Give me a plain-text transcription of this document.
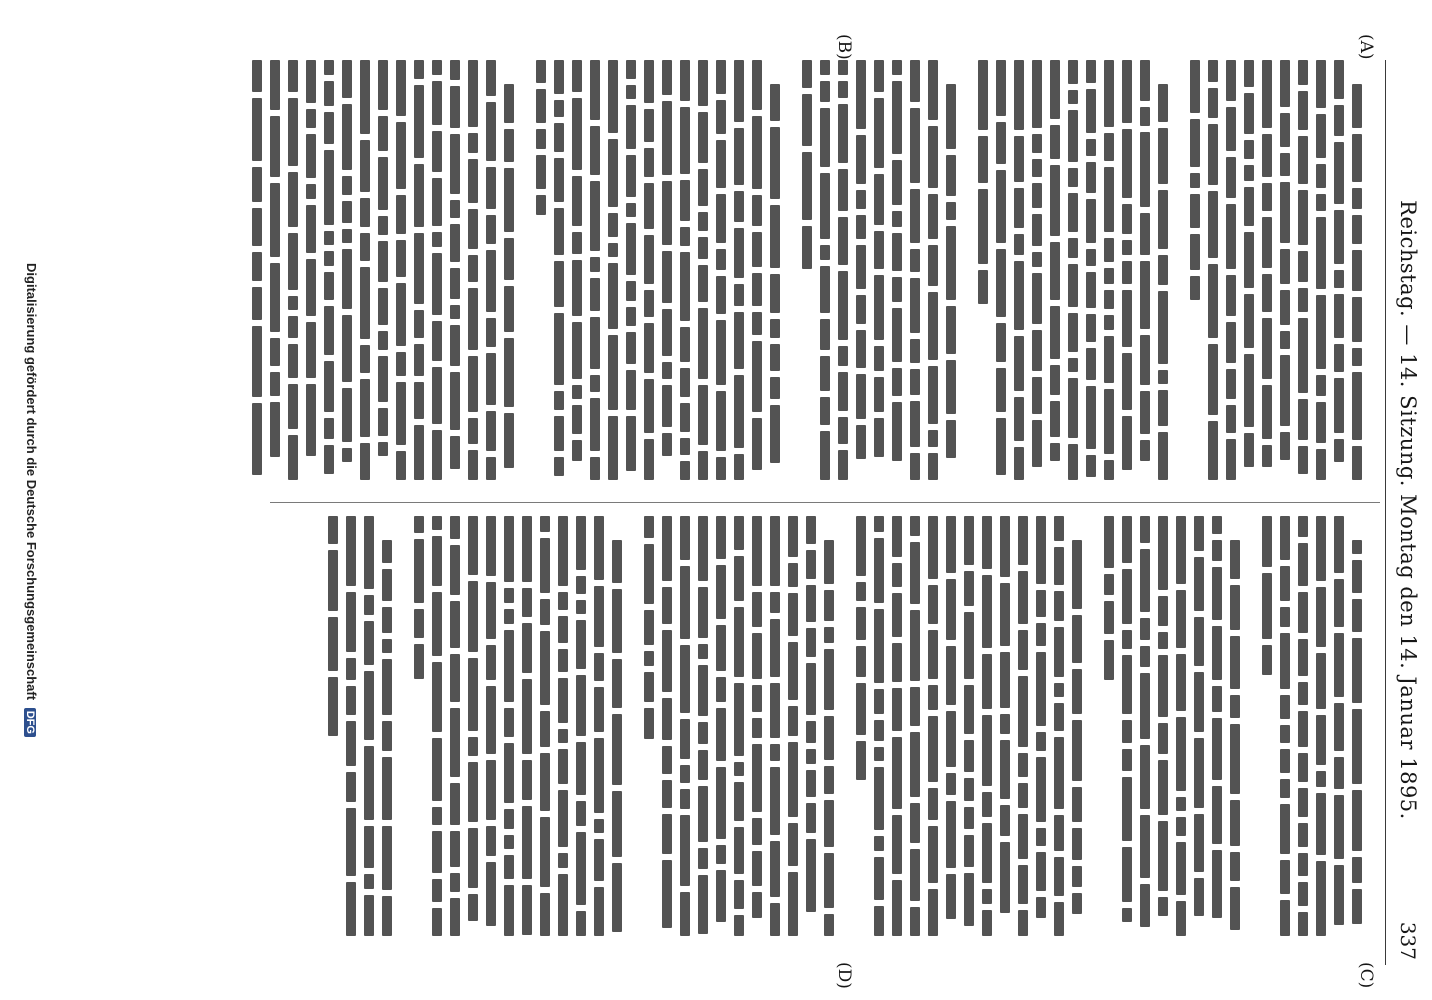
Reichstag. — 14. Sitzung. Montag den 14. Januar 1895.
337
(A)
(B)
(C)
(D)
Digitalisierung gefördert durch die Deutsche Forschungsgemeinschaft DFG
